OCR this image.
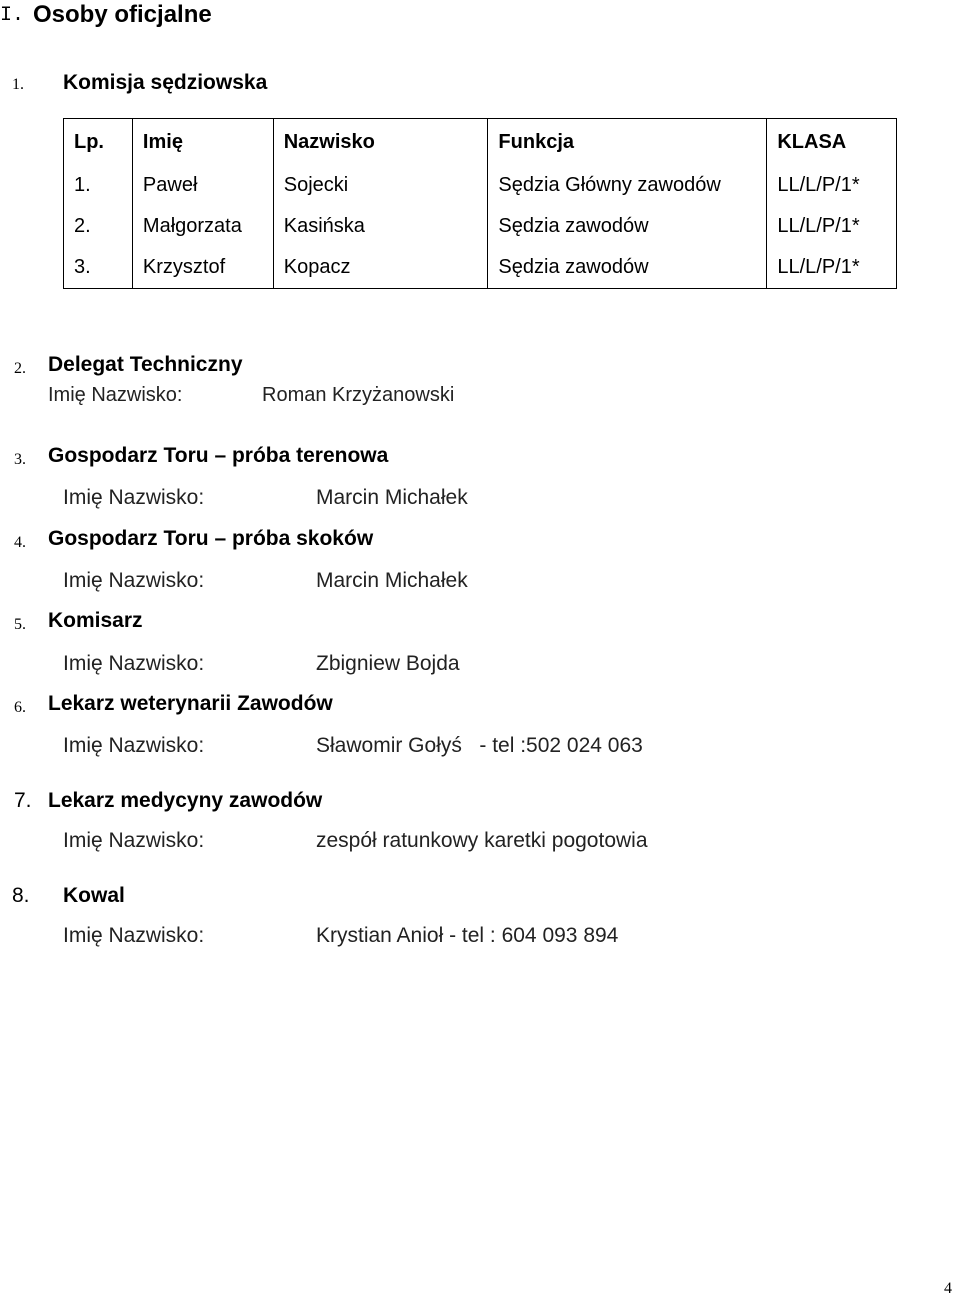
I. Osoby oficjalne
1. Komisja sędziowska
Lp.	Imię	Nazwisko	Funkcja	KLASA
1.	Paweł	Sojecki	Sędzia Główny zawodów	LL/L/P/1*
2.	Małgorzata	Kasińska	Sędzia zawodów	LL/L/P/1*
3.	Krzysztof	Kopacz	Sędzia zawodów	LL/L/P/1*
2. Delegat Techniczny
Imię Nazwisko:	Roman Krzyżanowski
3. Gospodarz Toru – próba terenowa
Imię Nazwisko:	Marcin Michałek
4. Gospodarz Toru – próba skoków
Imię Nazwisko:	Marcin Michałek
5. Komisarz
Imię Nazwisko:	Zbigniew Bojda
6. Lekarz weterynarii Zawodów
Imię Nazwisko:	Sławomir Gołyś   - tel :502 024 063
7. Lekarz medycyny zawodów
Imię Nazwisko:	zespół ratunkowy karetki pogotowia
8. Kowal
Imię Nazwisko:	Krystian Anioł - tel : 604 093 894
4
